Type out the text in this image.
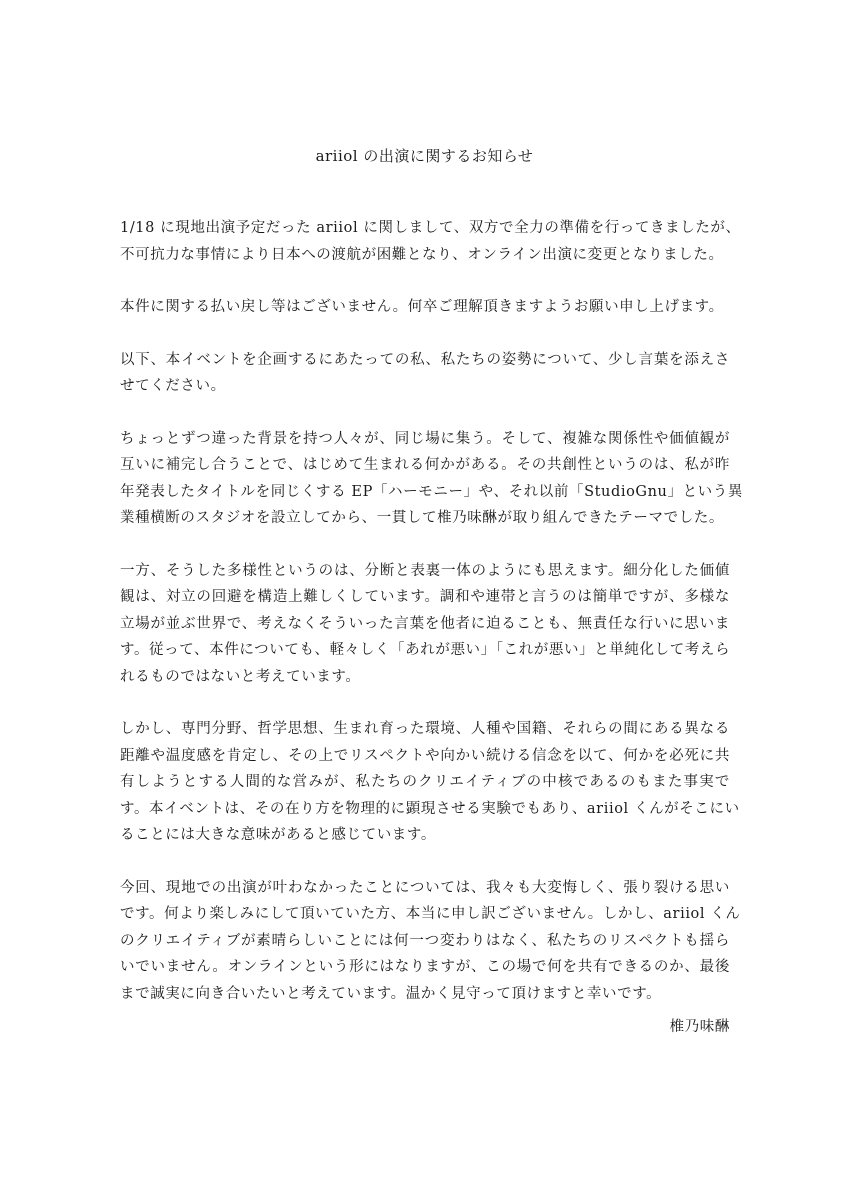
ariiol の出演に関するお知らせ

1/18 に現地出演予定だった ariiol に関しまして、双方で全力の準備を行ってきましたが、
不可抗力な事情により日本への渡航が困難となり、オンライン出演に変更となりました。

本件に関する払い戻し等はございません。何卒ご理解頂きますようお願い申し上げます。

以下、本イベントを企画するにあたっての私、私たちの姿勢について、少し言葉を添えさ
せてください。

ちょっとずつ違った背景を持つ人々が、同じ場に集う。そして、複雑な関係性や価値観が
互いに補完し合うことで、はじめて生まれる何かがある。その共創性というのは、私が昨
年発表したタイトルを同じくする EP「ハーモニー」や、それ以前「StudioGnu」という異
業種横断のスタジオを設立してから、一貫して椎乃味醂が取り組んできたテーマでした。

一方、そうした多様性というのは、分断と表裏一体のようにも思えます。細分化した価値
観は、対立の回避を構造上難しくしています。調和や連帯と言うのは簡単ですが、多様な
立場が並ぶ世界で、考えなくそういった言葉を他者に迫ることも、無責任な行いに思いま
す。従って、本件についても、軽々しく「あれが悪い」「これが悪い」と単純化して考えら
れるものではないと考えています。

しかし、専門分野、哲学思想、生まれ育った環境、人種や国籍、それらの間にある異なる
距離や温度感を肯定し、その上でリスペクトや向かい続ける信念を以て、何かを必死に共
有しようとする人間的な営みが、私たちのクリエイティブの中核であるのもまた事実で
す。本イベントは、その在り方を物理的に顕現させる実験でもあり、ariiol くんがそこにい
ることには大きな意味があると感じています。

今回、現地での出演が叶わなかったことについては、我々も大変悔しく、張り裂ける思い
です。何より楽しみにして頂いていた方、本当に申し訳ございません。しかし、ariiol くん
のクリエイティブが素晴らしいことには何一つ変わりはなく、私たちのリスペクトも揺ら
いでいません。オンラインという形にはなりますが、この場で何を共有できるのか、最後
まで誠実に向き合いたいと考えています。温かく見守って頂けますと幸いです。

椎乃味醂
